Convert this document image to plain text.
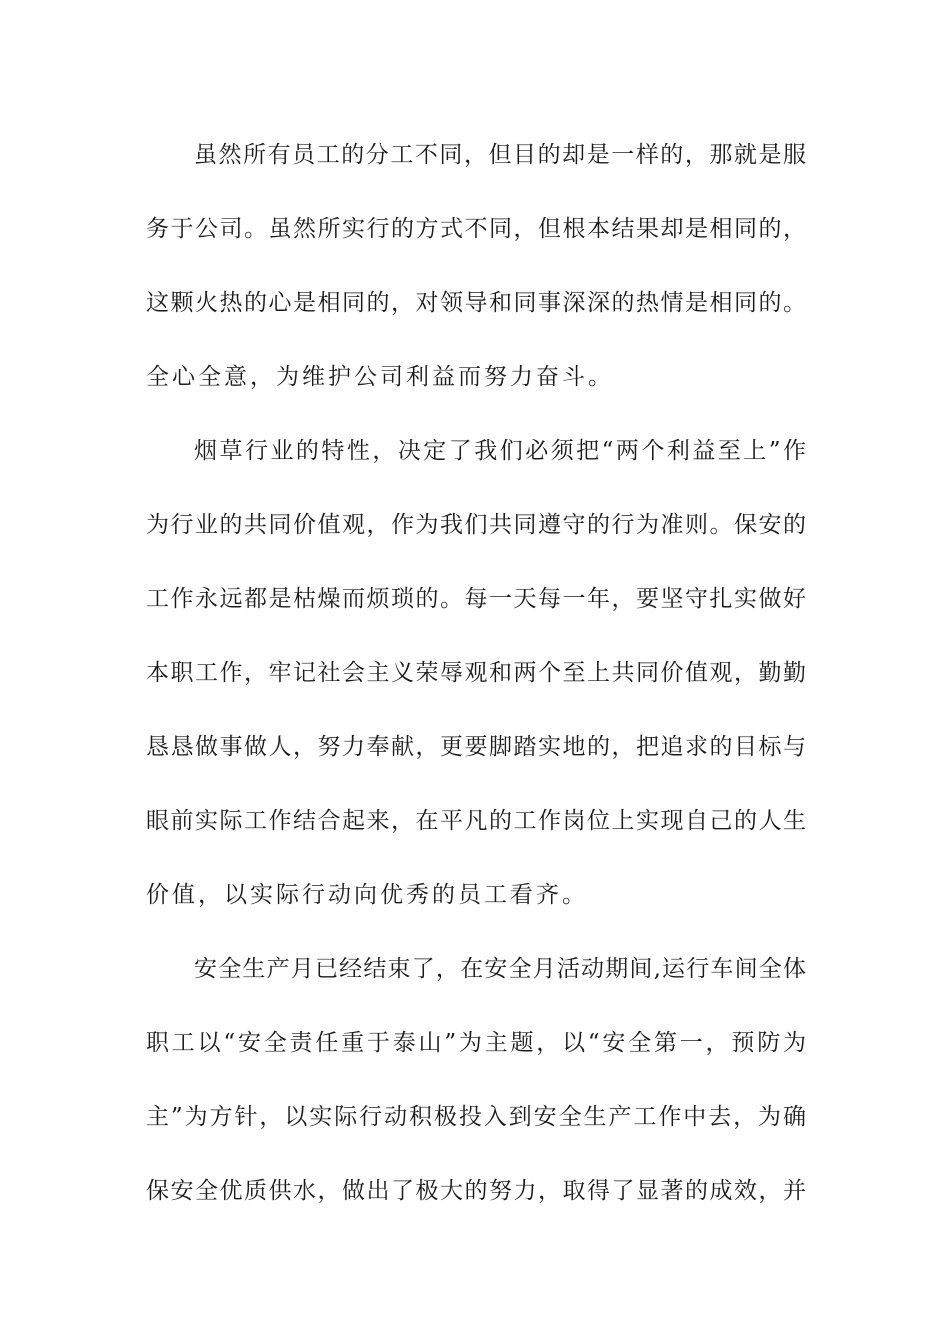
虽然所有员工的分工不同，但目的却是一样的，那就是服
务于公司。虽然所实行的方式不同，但根本结果却是相同的，
这颗火热的心是相同的，对领导和同事深深的热情是相同的。
全心全意，为维护公司利益而努力奋斗。
烟草行业的特性，决定了我们必须把“两个利益至上”作
为行业的共同价值观，作为我们共同遵守的行为准则。保安的
工作永远都是枯燥而烦琐的。每一天每一年，要坚守扎实做好
本职工作，牢记社会主义荣辱观和两个至上共同价值观，勤勤
恳恳做事做人，努力奉献，更要脚踏实地的，把追求的目标与
眼前实际工作结合起来，在平凡的工作岗位上实现自己的人生
价值，以实际行动向优秀的员工看齐。
安全生产月已经结束了，在安全月活动期间,运行车间全体
职工以“安全责任重于泰山”为主题，以“安全第一，预防为
主”为方针，以实际行动积极投入到安全生产工作中去，为确
保安全优质供水，做出了极大的努力，取得了显著的成效，并
